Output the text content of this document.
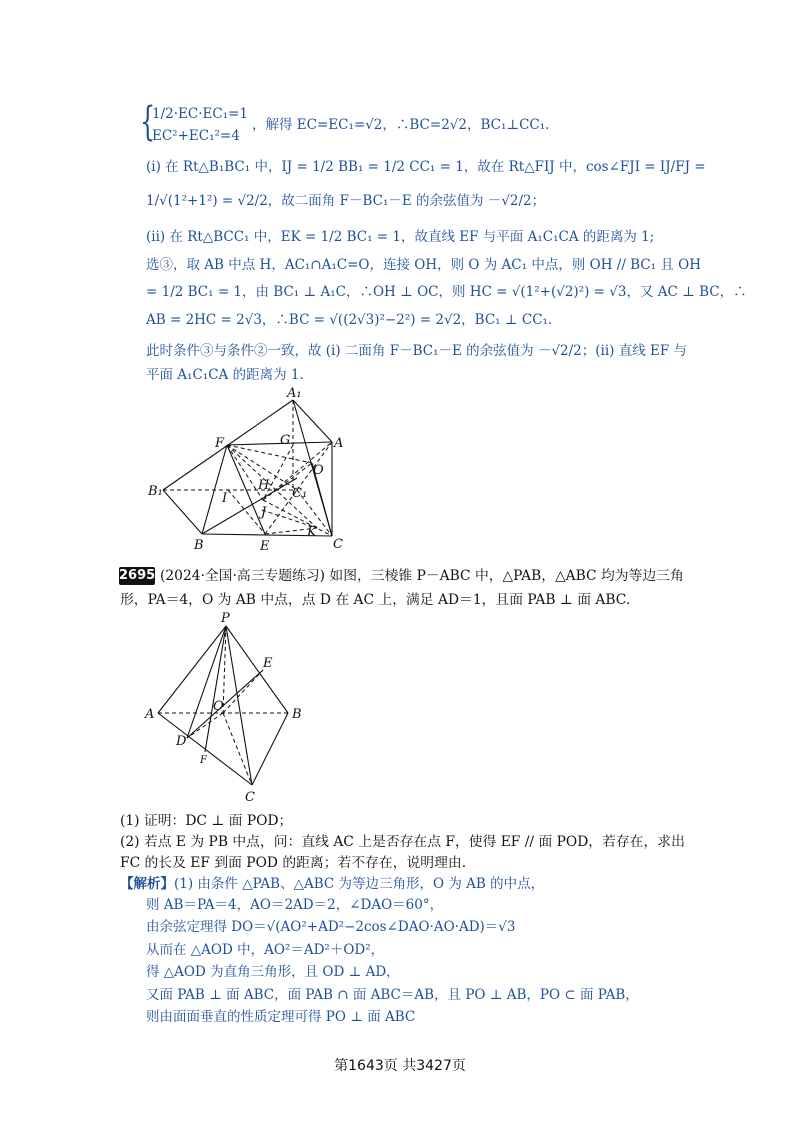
{
1/2·EC·EC₁=1
EC²+EC₁²=4
，解得 EC=EC₁=√2，∴BC=2√2，BC₁⊥CC₁.
(i) 在 Rt△B₁BC₁ 中，IJ = 1/2 BB₁ = 1/2 CC₁ = 1，故在 Rt△FIJ 中，cos∠FJI = IJ/FJ =
1/√(1²+1²) = √2/2，故二面角 F－BC₁－E 的余弦值为 －√2/2；
(ii) 在 Rt△BCC₁ 中，EK = 1/2 BC₁ = 1，故直线 EF 与平面 A₁C₁CA 的距离为 1;
选③，取 AB 中点 H，AC₁∩A₁C=O，连接 OH，则 O 为 AC₁ 中点，则 OH // BC₁ 且 OH
= 1/2 BC₁ = 1，由 BC₁ ⊥ A₁C，∴OH ⊥ OC，则 HC = √(1²+(√2)²) = √3，又 AC ⊥ BC，∴
AB = 2HC = 2√3，∴BC = √((2√3)²−2²) = 2√2，BC₁ ⊥ CC₁.
此时条件③与条件②一致，故 (i) 二面角 F－BC₁－E 的余弦值为 －√2/2；(ii) 直线 EF 与
平面 A₁C₁CA 的距离为 1.
A₁
A
F	G
O
B₁	I
H
C₁
J
B	E
K
C
2695 (2024·全国·高三专题练习) 如图，三棱锥 P－ABC 中，△PAB，△ABC 均为等边三角
形，PA＝4，O 为 AB 中点，点 D 在 AC 上，满足 AD＝1，且面 PAB ⊥ 面 ABC.
P
E
A
O
B
D
F
C
(1) 证明：DC ⊥ 面 POD；
(2) 若点 E 为 PB 中点，问：直线 AC 上是否存在点 F，使得 EF // 面 POD，若存在，求出
FC 的长及 EF 到面 POD 的距离；若不存在，说明理由.
【解析】(1) 由条件 △PAB、△ABC 为等边三角形，O 为 AB 的中点，
则 AB＝PA＝4，AO＝2AD＝2，∠DAO＝60°，
由余弦定理得 DO＝√(AO²+AD²−2cos∠DAO·AO·AD)＝√3
从而在 △AOD 中，AO²＝AD²＋OD²，
得 △AOD 为直角三角形，且 OD ⊥ AD，
又面 PAB ⊥ 面 ABC，面 PAB ∩ 面 ABC＝AB，且 PO ⊥ AB，PO ⊂ 面 PAB，
则由面面垂直的性质定理可得 PO ⊥ 面 ABC
第1643页 共3427页
